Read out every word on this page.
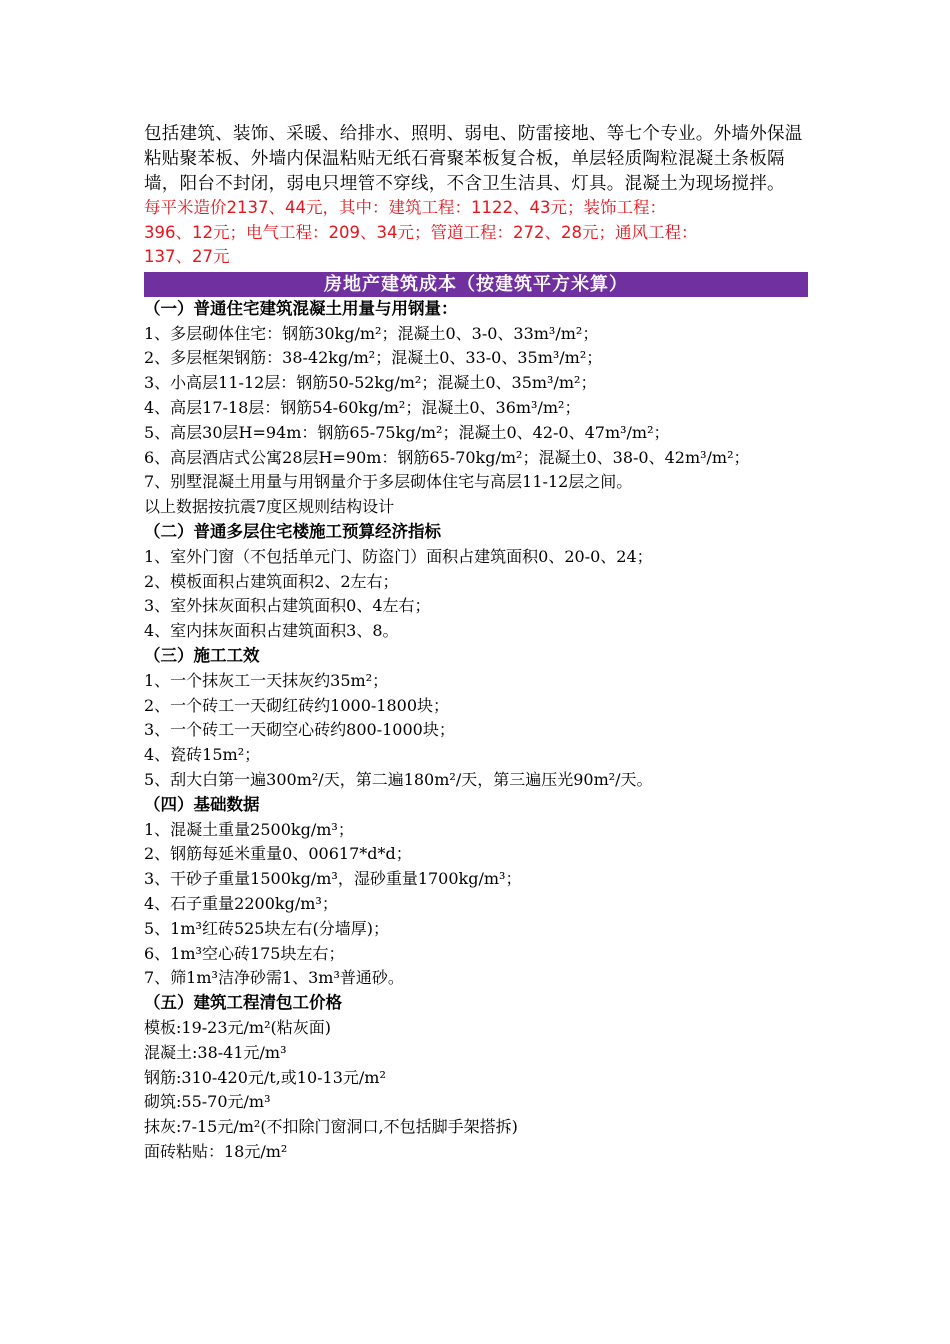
包括建筑、装饰、采暖、给排水、照明、弱电、防雷接地、等七个专业。外墙外保温粘贴聚苯板、外墙内保温粘贴无纸石膏聚苯板复合板，单层轻质陶粒混凝土条板隔墙，阳台不封闭，弱电只埋管不穿线，不含卫生洁具、灯具。混凝土为现场搅拌。

每平米造价2137、44元，其中：建筑工程：1122、43元；装饰工程：

396、12元；电气工程：209、34元；管道工程：272、28元；通风工程：

137、27元

房地产建筑成本（按建筑平方米算）

（一）普通住宅建筑混凝土用量与用钢量：

1、多层砌体住宅：钢筋30kg/m²；混凝土0、3-0、33m³/m²；

2、多层框架钢筋：38-42kg/m²；混凝土0、33-0、35m³/m²；

3、小高层11-12层：钢筋50-52kg/m²；混凝土0、35m³/m²；

4、高层17-18层：钢筋54-60kg/m²；混凝土0、36m³/m²；

5、高层30层H=94m：钢筋65-75kg/m²；混凝土0、42-0、47m³/m²；

6、高层酒店式公寓28层H=90m：钢筋65-70kg/m²；混凝土0、38-0、42m³/m²；

7、别墅混凝土用量与用钢量介于多层砌体住宅与高层11-12层之间。

以上数据按抗震7度区规则结构设计

（二）普通多层住宅楼施工预算经济指标

1、室外门窗（不包括单元门、防盗门）面积占建筑面积0、20-0、24；

2、模板面积占建筑面积2、2左右；

3、室外抹灰面积占建筑面积0、4左右；

4、室内抹灰面积占建筑面积3、8。

（三）施工工效

1、一个抹灰工一天抹灰约35m²；

2、一个砖工一天砌红砖约1000-1800块；

3、一个砖工一天砌空心砖约800-1000块；

4、瓷砖15m²；

5、刮大白第一遍300m²/天，第二遍180m²/天，第三遍压光90m²/天。

（四）基础数据

1、混凝土重量2500kg/m³；

2、钢筋每延米重量0、00617*d*d；

3、干砂子重量1500kg/m³，湿砂重量1700kg/m³；

4、石子重量2200kg/m³；

5、1m³红砖525块左右(分墙厚)；

6、1m³空心砖175块左右；

7、筛1m³洁净砂需1、3m³普通砂。

（五）建筑工程清包工价格

模板:19-23元/m²(粘灰面)

混凝土:38-41元/m³

钢筋:310-420元/t,或10-13元/m²

砌筑:55-70元/m³

抹灰:7-15元/m²(不扣除门窗洞口,不包括脚手架搭拆)

面砖粘贴：18元/m²
